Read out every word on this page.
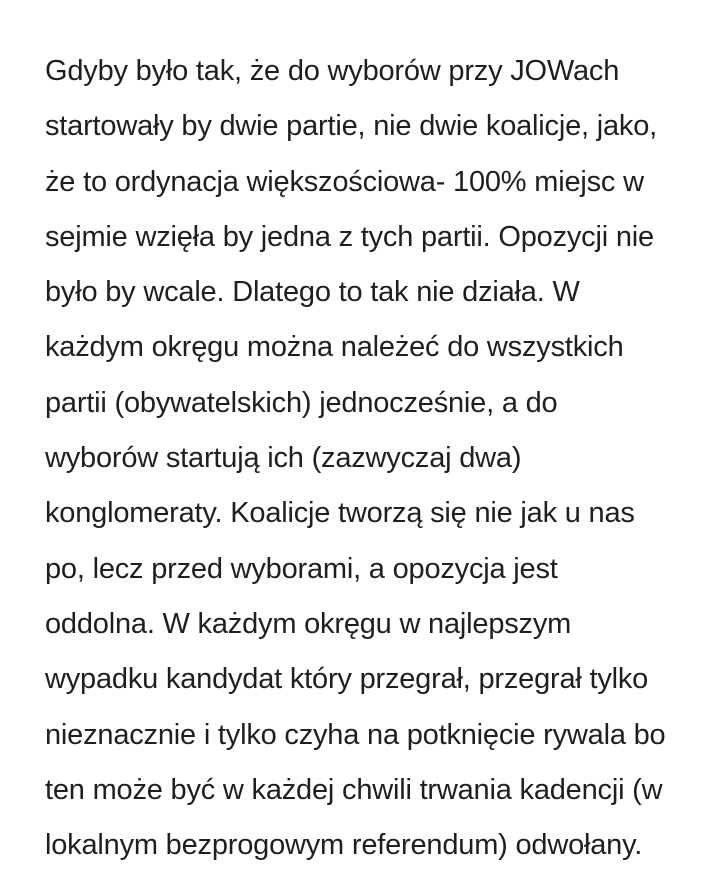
Gdyby było tak, że do wyborów przy JOWach
startowały by dwie partie, nie dwie koalicje, jako,
że to ordynacja większościowa- 100% miejsc w
sejmie wzięła by jedna z tych partii. Opozycji nie
było by wcale. Dlatego to tak nie działa. W
każdym okręgu można należeć do wszystkich
partii (obywatelskich) jednocześnie, a do
wyborów startują ich (zazwyczaj dwa)
konglomeraty. Koalicje tworzą się nie jak u nas
po, lecz przed wyborami, a opozycja jest
oddolna. W każdym okręgu w najlepszym
wypadku kandydat który przegrał, przegrał tylko
nieznacznie i tylko czyha na potknięcie rywala bo
ten może być w każdej chwili trwania kadencji (w
lokalnym bezprogowym referendum) odwołany.
